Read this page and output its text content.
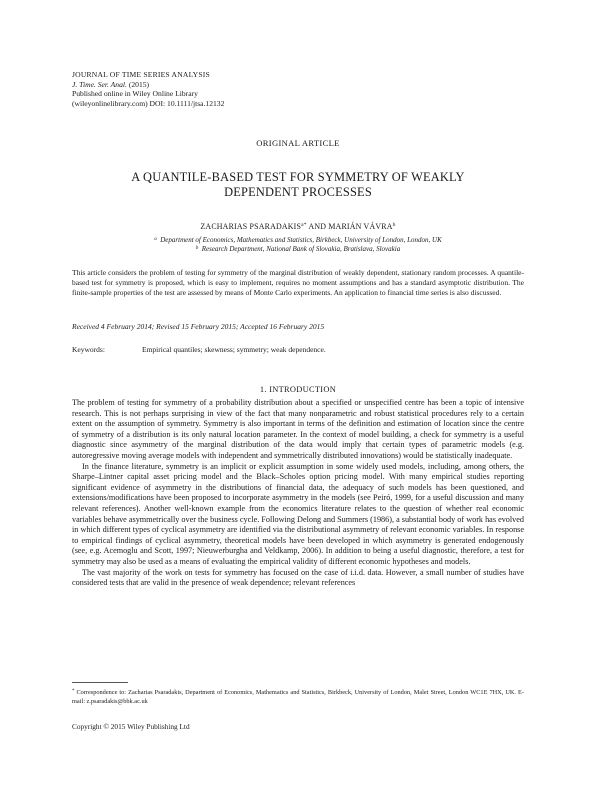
JOURNAL OF TIME SERIES ANALYSIS
J. Time. Ser. Anal. (2015)
Published online in Wiley Online Library
(wileyonlinelibrary.com) DOI: 10.1111/jtsa.12132
ORIGINAL ARTICLE
A QUANTILE-BASED TEST FOR SYMMETRY OF WEAKLY
DEPENDENT PROCESSES
ZACHARIAS $PSARADAKIS^{a*}$ AND MARIÁN VÁVRA$^b$
$^a$ Department of Economics, Mathematics and Statistics, Birkbeck, University of London, London, UK
$^b$ Research Department, National Bank of Slovakia, Bratislava, Slovakia
This article considers the problem of testing for symmetry of the marginal distribution of weakly dependent, stationary random processes. A quantile-based test for symmetry is proposed, which is easy to implement, requires no moment assumptions and has a standard asymptotic distribution. The finite-sample properties of the test are assessed by means of Monte Carlo experiments. An application to financial time series is also discussed.
Received 4 February 2014; Revised 15 February 2015; Accepted 16 February 2015
Keywords:	Empirical quantiles; skewness; symmetry; weak dependence.
1. INTRODUCTION

The problem of testing for symmetry of a probability distribution about a specified or unspecified centre has been a topic of intensive research. This is not perhaps surprising in view of the fact that many nonparametric and robust statistical procedures rely to a certain extent on the assumption of symmetry. Symmetry is also important in terms of the definition and estimation of location since the centre of symmetry of a distribution is its only natural location parameter. In the context of model building, a check for symmetry is a useful diagnostic since asymmetry of the marginal distribution of the data would imply that certain types of parametric models (e.g. autoregressive moving average models with independent and symmetrically distributed innovations) would be statistically inadequate.

In the finance literature, symmetry is an implicit or explicit assumption in some widely used models, including, among others, the Sharpe–Lintner capital asset pricing model and the Black–Scholes option pricing model. With many empirical studies reporting significant evidence of asymmetry in the distributions of financial data, the adequacy of such models has been questioned, and extensions/modifications have been proposed to incorporate asymmetry in the models (see Peiró, 1999, for a useful discussion and many relevant references). Another well-known example from the economics literature relates to the question of whether real economic variables behave asymmetrically over the business cycle. Following Delong and Summers (1986), a substantial body of work has evolved in which different types of cyclical asymmetry are identified via the distributional asymmetry of relevant economic variables. In response to empirical findings of cyclical asymmetry, theoretical models have been developed in which asymmetry is generated endogenously (see, e.g. Acemoglu and Scott, 1997; Nieuwerburgha and Veldkamp, 2006). In addition to being a useful diagnostic, therefore, a test for symmetry may also be used as a means of evaluating the empirical validity of different economic hypotheses and models.

The vast majority of the work on tests for symmetry has focused on the case of i.i.d. data. However, a small number of studies have considered tests that are valid in the presence of weak dependence; relevant references

* Correspondence to: Zacharias Psaradakis, Department of Economics, Mathematics and Statistics, Birkbeck, University of London, Malet Street, London WC1E 7HX, UK. E-mail: z.psaradakis@bbk.ac.uk
Copyright © 2015 Wiley Publishing Ltd
